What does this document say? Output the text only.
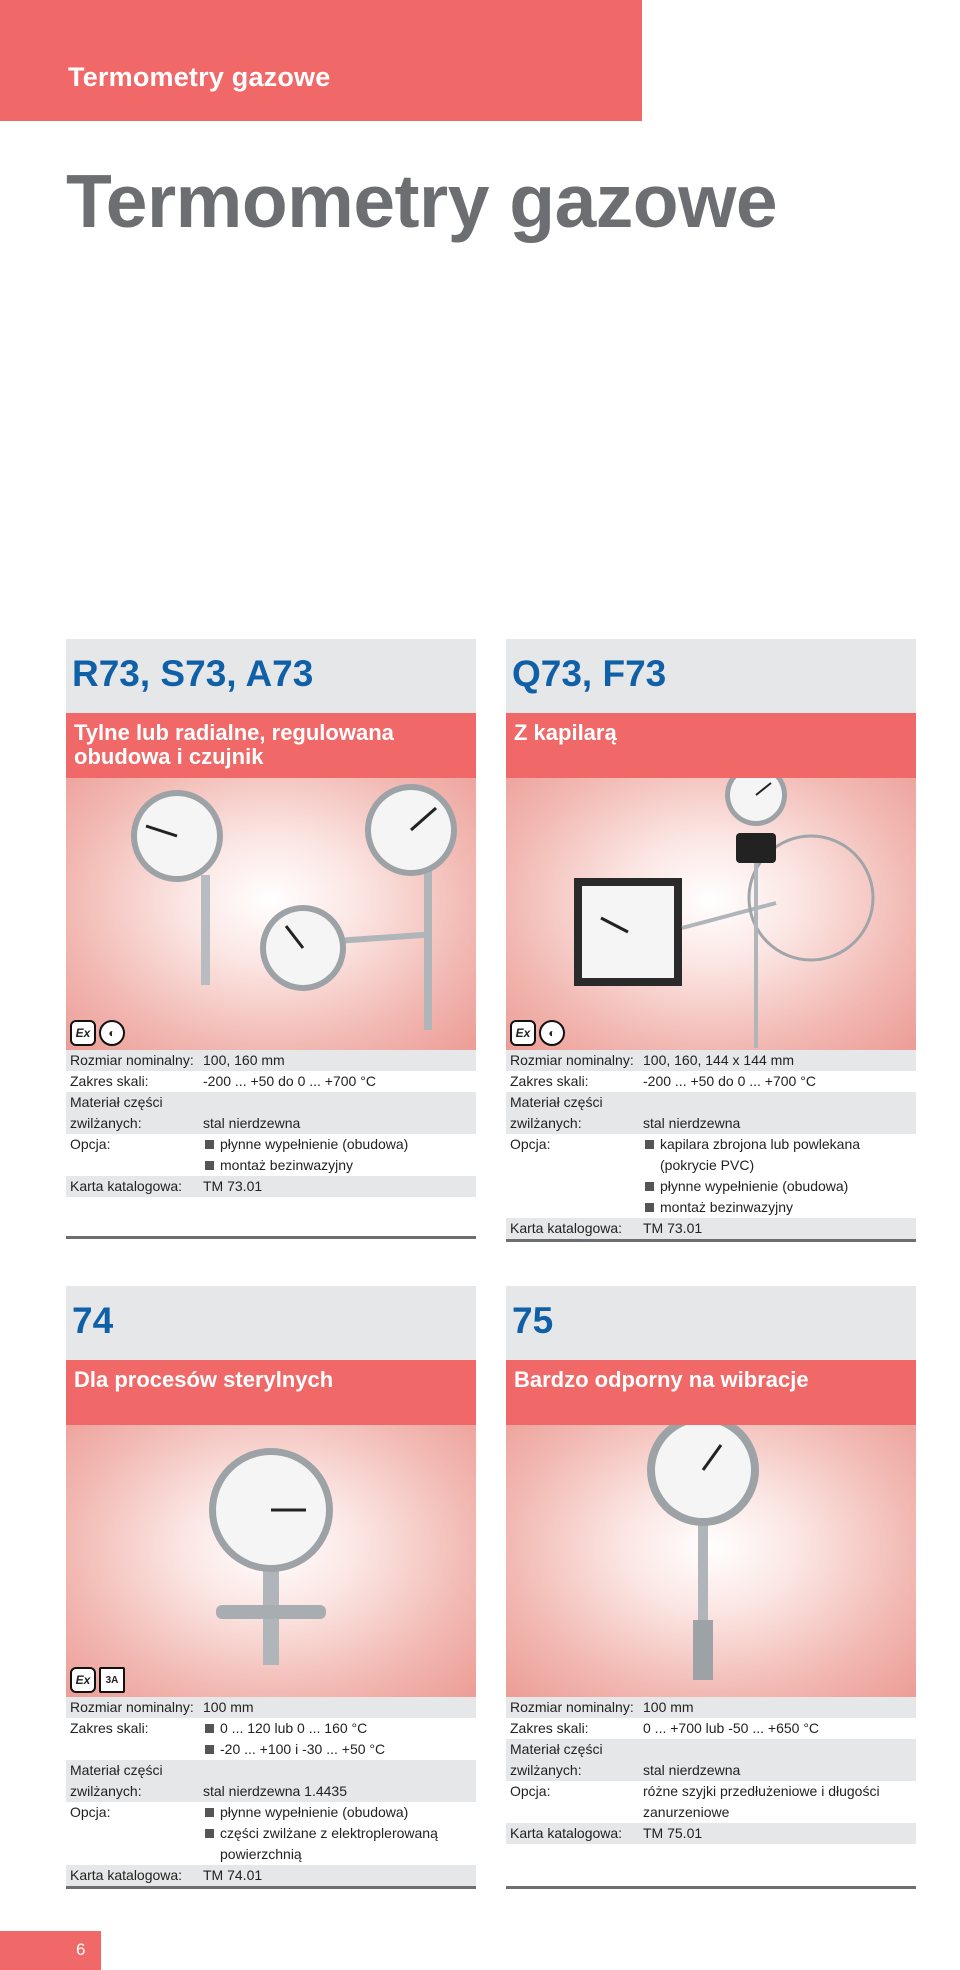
Termometry gazowe
Termometry gazowe
R73, S73, A73
Tylne lub radialne, regulowana obudowa i czujnik
Ex	◐
Rozmiar nominalny: 100, 160 mm
Zakres skali:	-200 ... +50 do 0 ... +700 °C
Materiał części
zwilżanych:	stal nierdzewna
Opcja:	płynne wypełnienie (obudowa)
montaż bezinwazyjny
Karta katalogowa:	TM 73.01
Q73, F73
Z kapilarą
Ex	◐
Rozmiar nominalny: 100, 160, 144 x 144 mm
Zakres skali:	-200 ... +50 do 0 ... +700 °C
Materiał części
zwilżanych:	stal nierdzewna
Opcja:	kapilara zbrojona lub powlekana
(pokrycie PVC)
płynne wypełnienie (obudowa)
montaż bezinwazyjny
Karta katalogowa:	TM 73.01
74
Dla procesów sterylnych
Ex	3A
Rozmiar nominalny: 100 mm
Zakres skali:	0 ... 120 lub 0 ... 160 °C
-20 ... +100 i -30 ... +50 °C
Materiał części
zwilżanych:	stal nierdzewna 1.4435
Opcja:	płynne wypełnienie (obudowa)
części zwilżane z elektroplerowaną
powierzchnią
Karta katalogowa:	TM 74.01
75
Bardzo odporny na wibracje
Rozmiar nominalny: 100 mm
Zakres skali:	0 ... +700 lub -50 ... +650 °C
Materiał części
zwilżanych:	stal nierdzewna
Opcja:	różne szyjki przedłużeniowe i długości
zanurzeniowe
Karta katalogowa:	TM 75.01
6
